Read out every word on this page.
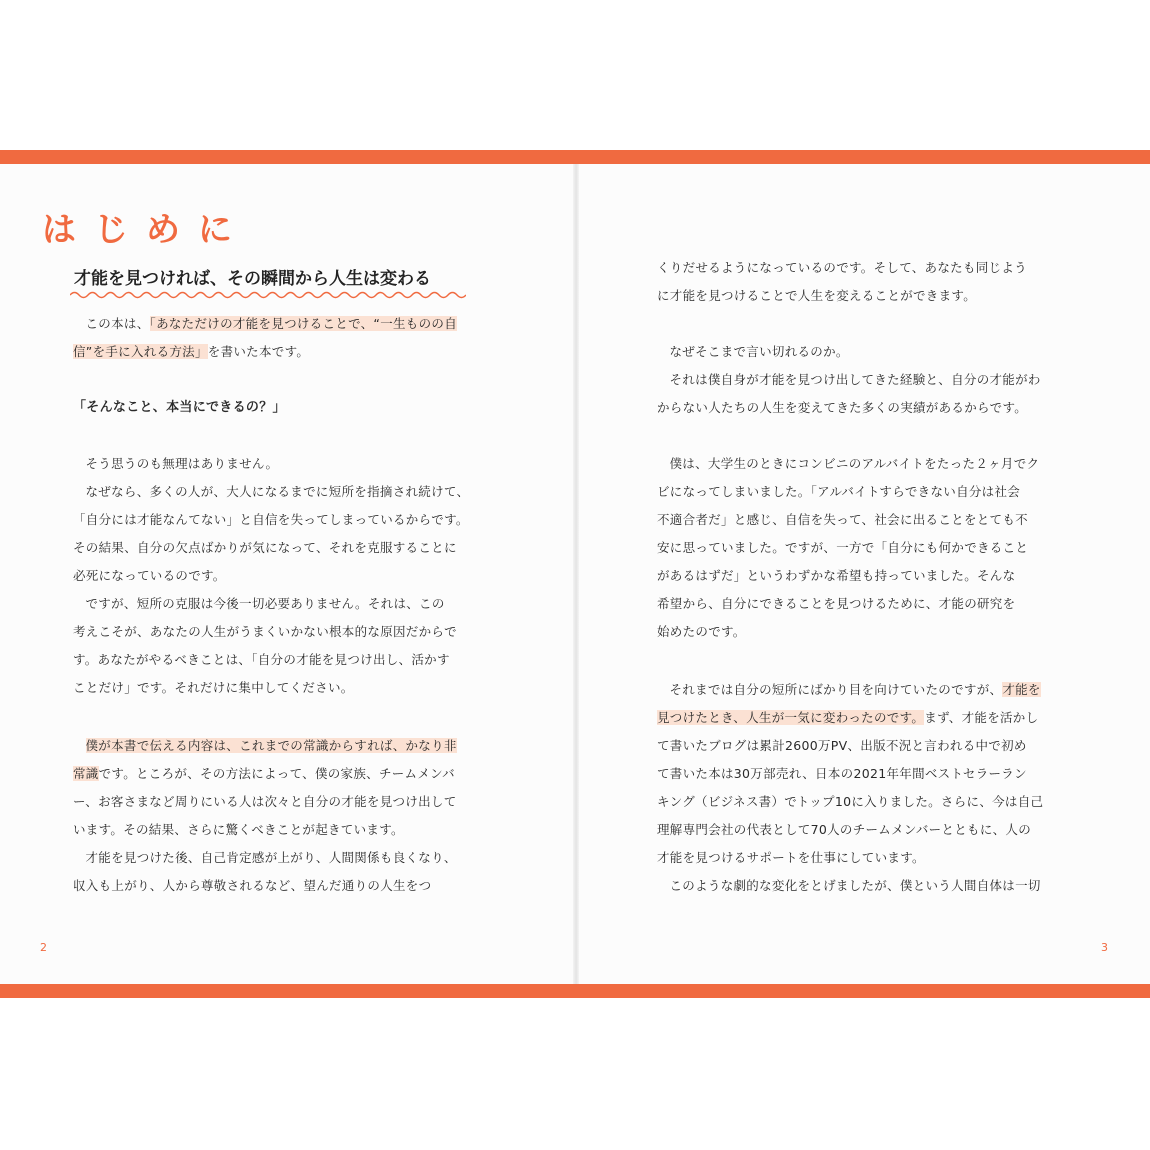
はじめに
才能を見つければ、その瞬間から人生は変わる

この本は、「あなただけの才能を見つけることで、“一生ものの自

信”を手に入れる方法」を書いた本です。

「そんなこと、本当にできるの？」

そう思うのも無理はありません。

なぜなら、多くの人が、大人になるまでに短所を指摘され続けて、

「自分には才能なんてない」と自信を失ってしまっているからです。

その結果、自分の欠点ばかりが気になって、それを克服することに

必死になっているのです。

ですが、短所の克服は今後一切必要ありません。それは、この

考えこそが、あなたの人生がうまくいかない根本的な原因だからで

す。あなたがやるべきことは、「自分の才能を見つけ出し、活かす

ことだけ」です。それだけに集中してください。

僕が本書で伝える内容は、これまでの常識からすれば、かなり非

常識です。ところが、その方法によって、僕の家族、チームメンバ

ー、お客さまなど周りにいる人は次々と自分の才能を見つけ出して

います。その結果、さらに驚くべきことが起きています。

才能を見つけた後、自己肯定感が上がり、人間関係も良くなり、

収入も上がり、人から尊敬されるなど、望んだ通りの人生をつ

2

くりだせるようになっているのです。そして、あなたも同じよう

に才能を見つけることで人生を変えることができます。

なぜそこまで言い切れるのか。

それは僕自身が才能を見つけ出してきた経験と、自分の才能がわ

からない人たちの人生を変えてきた多くの実績があるからです。

僕は、大学生のときにコンビニのアルバイトをたった２ヶ月でク

ビになってしまいました。「アルバイトすらできない自分は社会

不適合者だ」と感じ、自信を失って、社会に出ることをとても不

安に思っていました。ですが、一方で「自分にも何かできること

があるはずだ」というわずかな希望も持っていました。そんな

希望から、自分にできることを見つけるために、才能の研究を

始めたのです。

それまでは自分の短所にばかり目を向けていたのですが、才能を

見つけたとき、人生が一気に変わったのです。まず、才能を活かし

て書いたブログは累計2600万PV、出版不況と言われる中で初め

て書いた本は30万部売れ、日本の2021年年間ベストセラーラン

キング（ビジネス書）でトップ10に入りました。さらに、今は自己

理解専門会社の代表として70人のチームメンバーとともに、人の

才能を見つけるサポートを仕事にしています。

このような劇的な変化をとげましたが、僕という人間自体は一切

3
